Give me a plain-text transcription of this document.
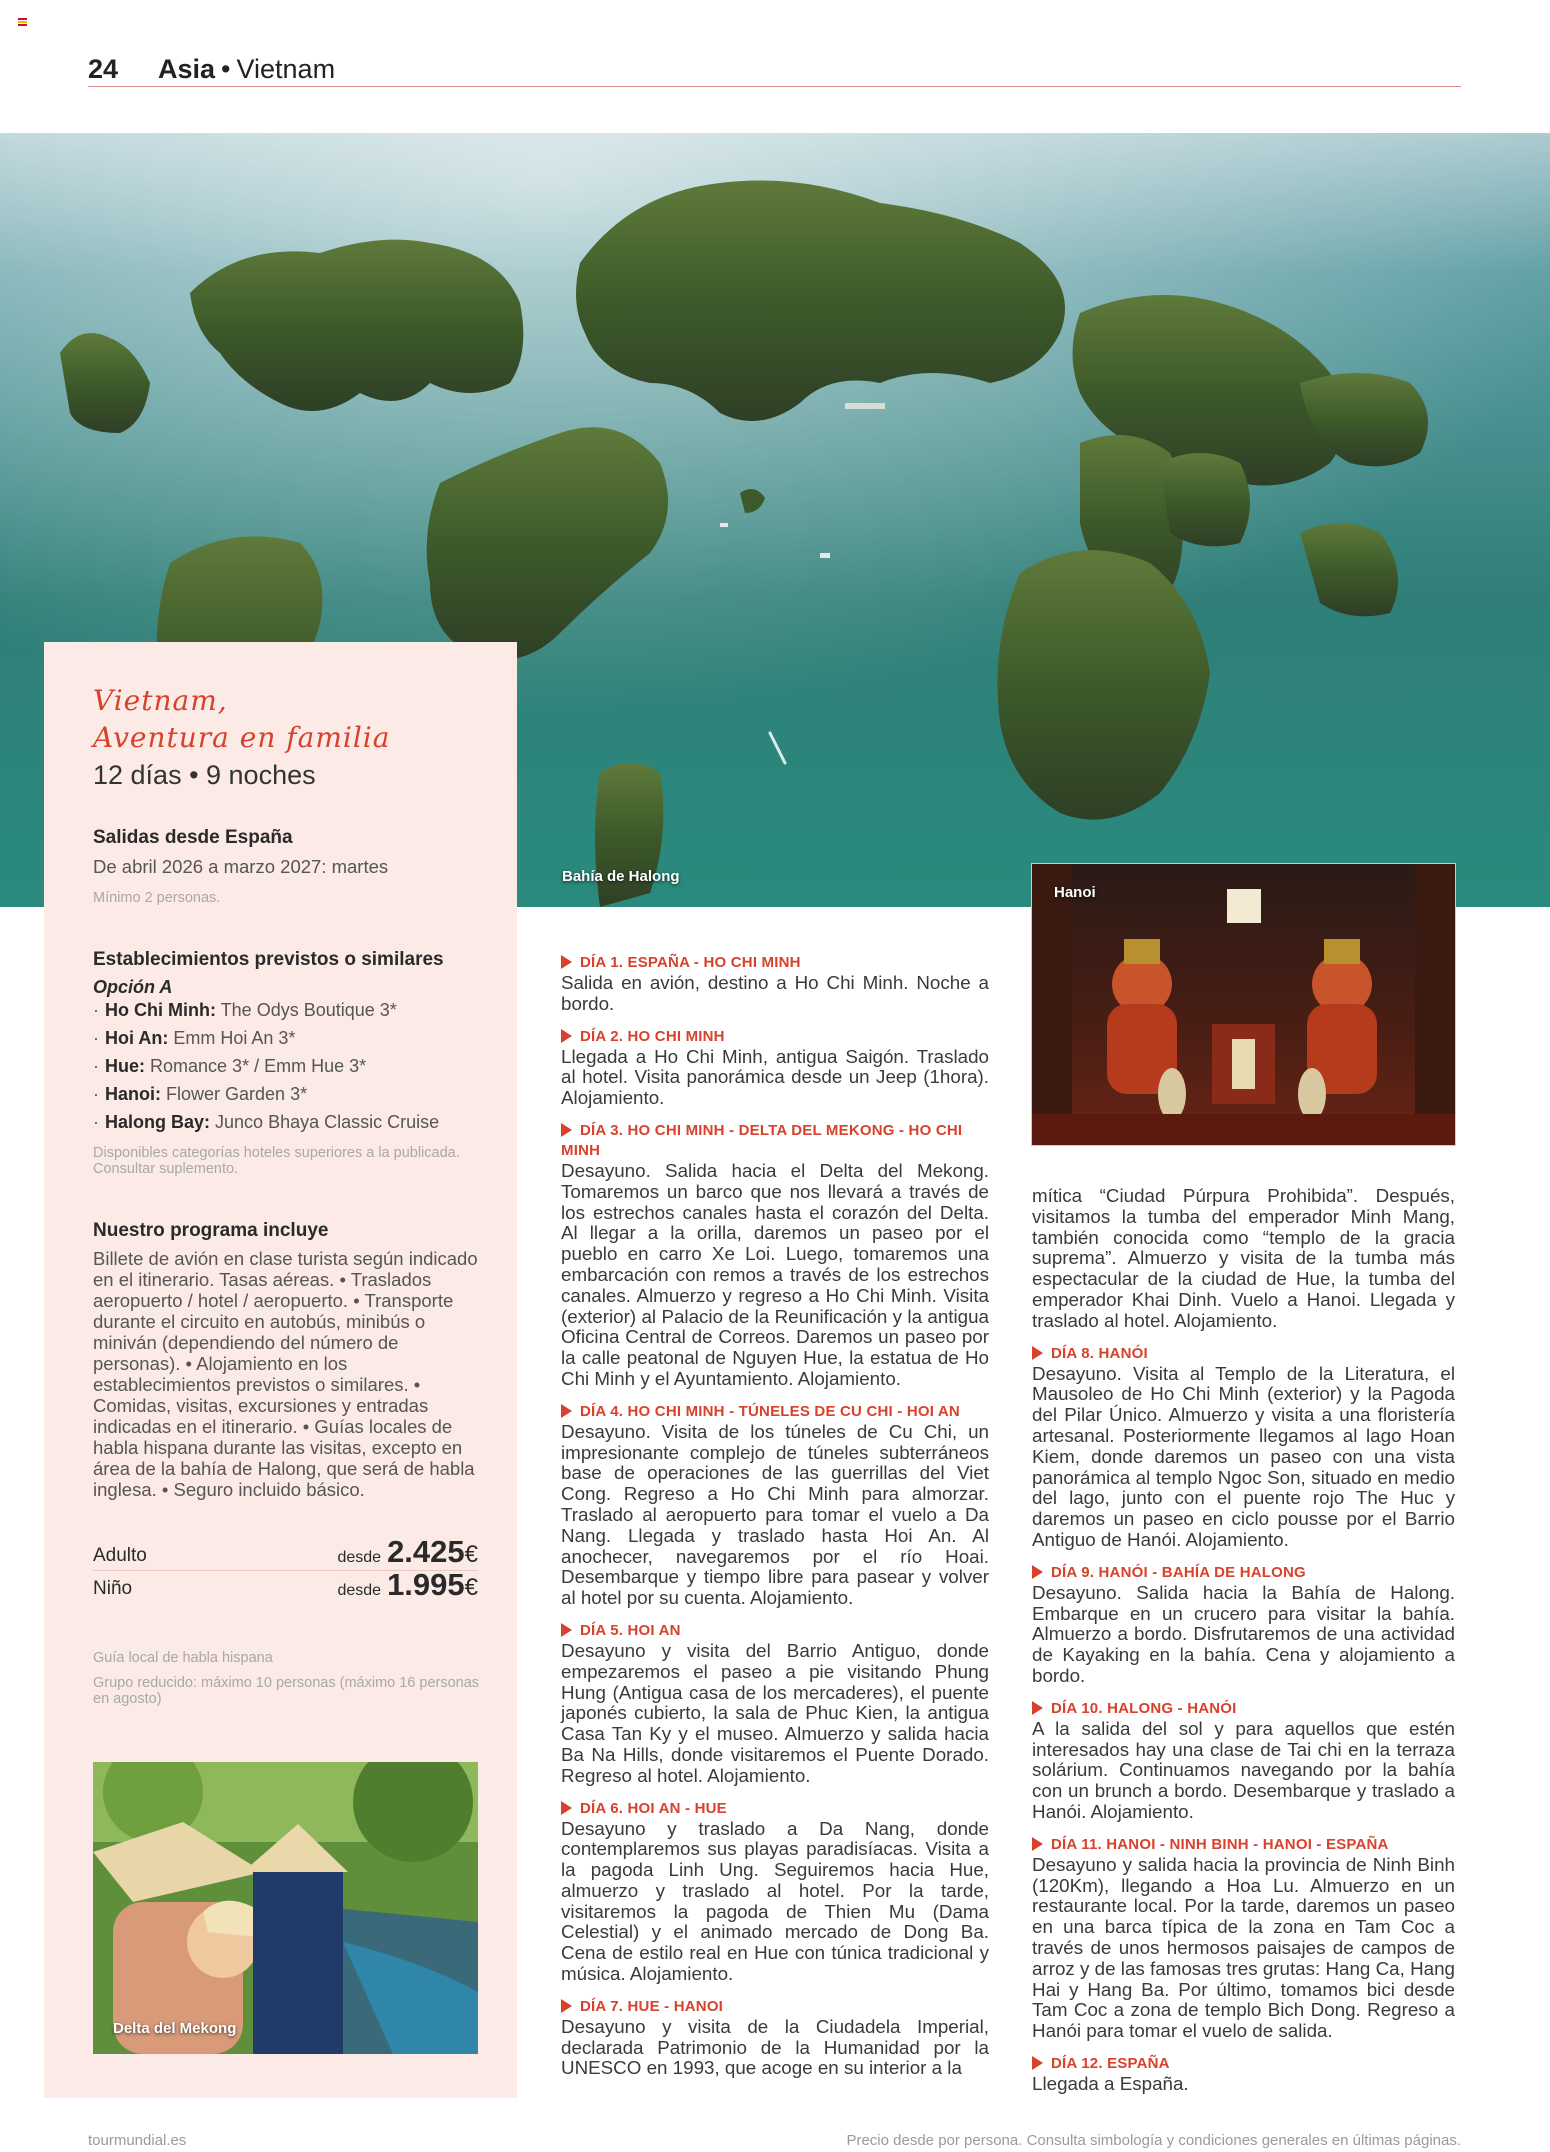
24 Asia • Vietnam
Bahía de Halong
Hanoi
Vietnam,
Aventura en familia
12 días • 9 noches
Salidas desde España
De abril 2026 a marzo 2027: martes
Mínimo 2 personas.
Establecimientos previstos o similares
Opción A
· Ho Chi Minh: The Odys Boutique 3*
· Hoi An: Emm Hoi An 3*
· Hue: Romance 3* / Emm Hue 3*
· Hanoi: Flower Garden 3*
· Halong Bay: Junco Bhaya Classic Cruise
Disponibles categorías hoteles superiores a la publicada. Consultar suplemento.
Nuestro programa incluye
Billete de avión en clase turista según indicado en el itinerario. Tasas aéreas. • Traslados aeropuerto / hotel / aeropuerto. • Transporte durante el circuito en autobús, minibús o miniván (dependiendo del número de personas). • Alojamiento en los establecimientos previstos o similares. • Comidas, visitas, excursiones y entradas indicadas en el itinerario. • Guías locales de habla hispana durante las visitas, excepto en área de la bahía de Halong, que será de habla inglesa. • Seguro incluido básico.
Adulto	desde 2.425€
Niño	desde 1.995€
Guía local de habla hispana
Grupo reducido: máximo 10 personas (máximo 16 personas en agosto)
Delta del Mekong
DÍA 1. ESPAÑA - HO CHI MINH
Salida en avión, destino a Ho Chi Minh. Noche a bordo.
DÍA 2. HO CHI MINH
Llegada a Ho Chi Minh, antigua Saigón. Traslado al hotel. Visita panorámica desde un Jeep (1hora). Alojamiento.
DÍA 3. HO CHI MINH - DELTA DEL MEKONG - HO CHI MINH
Desayuno. Salida hacia el Delta del Mekong. Tomaremos un barco que nos llevará a través de los estrechos canales hasta el corazón del Delta. Al llegar a la orilla, daremos un paseo por el pueblo en carro Xe Loi. Luego, tomaremos una embarcación con remos a través de los estrechos canales. Almuerzo y regreso a Ho Chi Minh. Visita (exterior) al Palacio de la Reunificación y la antigua Oficina Central de Correos. Daremos un paseo por la calle peatonal de Nguyen Hue, la estatua de Ho Chi Minh y el Ayuntamiento. Alojamiento.
DÍA 4. HO CHI MINH - TÚNELES DE CU CHI - HOI AN
Desayuno. Visita de los túneles de Cu Chi, un impresionante complejo de túneles subterráneos base de operaciones de las guerrillas del Viet Cong. Regreso a Ho Chi Minh para almorzar. Traslado al aeropuerto para tomar el vuelo a Da Nang. Llegada y traslado hasta Hoi An. Al anochecer, navegaremos por el río Hoai. Desembarque y tiempo libre para pasear y volver al hotel por su cuenta. Alojamiento.
DÍA 5. HOI AN
Desayuno y visita del Barrio Antiguo, donde empezaremos el paseo a pie visitando Phung Hung (Antigua casa de los mercaderes), el puente japonés cubierto, la sala de Phuc Kien, la antigua Casa Tan Ky y el museo. Almuerzo y salida hacia Ba Na Hills, donde visitaremos el Puente Dorado. Regreso al hotel. Alojamiento.
DÍA 6. HOI AN - HUE
Desayuno y traslado a Da Nang, donde contemplaremos sus playas paradisíacas. Visita a la pagoda Linh Ung. Seguiremos hacia Hue, almuerzo y traslado al hotel. Por la tarde, visitaremos la pagoda de Thien Mu (Dama Celestial) y el animado mercado de Dong Ba. Cena de estilo real en Hue con túnica tradicional y música. Alojamiento.
DÍA 7. HUE - HANOI
Desayuno y visita de la Ciudadela Imperial, declarada Patrimonio de la Humanidad por la UNESCO en 1993, que acoge en su interior a la
mítica “Ciudad Púrpura Prohibida”. Después, visitamos la tumba del emperador Minh Mang, también conocida como “templo de la gracia suprema”. Almuerzo y visita de la tumba más espectacular de la ciudad de Hue, la tumba del emperador Khai Dinh. Vuelo a Hanoi. Llegada y traslado al hotel. Alojamiento.
DÍA 8. HANÓI
Desayuno. Visita al Templo de la Literatura, el Mausoleo de Ho Chi Minh (exterior) y la Pagoda del Pilar Único. Almuerzo y visita a una floristería artesanal. Posteriormente llegamos al lago Hoan Kiem, donde daremos un paseo con una vista panorámica al templo Ngoc Son, situado en medio del lago, junto con el puente rojo The Huc y daremos un paseo en ciclo pousse por el Barrio Antiguo de Hanói. Alojamiento.
DÍA 9. HANÓI - BAHÍA DE HALONG
Desayuno. Salida hacia la Bahía de Halong. Embarque en un crucero para visitar la bahía. Almuerzo a bordo. Disfrutaremos de una actividad de Kayaking en la bahía. Cena y alojamiento a bordo.
DÍA 10. HALONG - HANÓI
A la salida del sol y para aquellos que estén interesados hay una clase de Tai chi en la terraza solárium. Continuamos navegando por la bahía con un brunch a bordo. Desembarque y traslado a Hanói. Alojamiento.
DÍA 11. HANOI - NINH BINH - HANOI - ESPAÑA
Desayuno y salida hacia la provincia de Ninh Binh (120Km), llegando a Hoa Lu. Almuerzo en un restaurante local. Por la tarde, daremos un paseo en una barca típica de la zona en Tam Coc a través de unos hermosos paisajes de campos de arroz y de las famosas tres grutas: Hang Ca, Hang Hai y Hang Ba. Por último, tomamos bici desde Tam Coc a zona de templo Bich Dong. Regreso a Hanói para tomar el vuelo de salida.
DÍA 12. ESPAÑA
Llegada a España.
tourmundial.es	Precio desde por persona. Consulta simbología y condiciones generales en últimas páginas.
